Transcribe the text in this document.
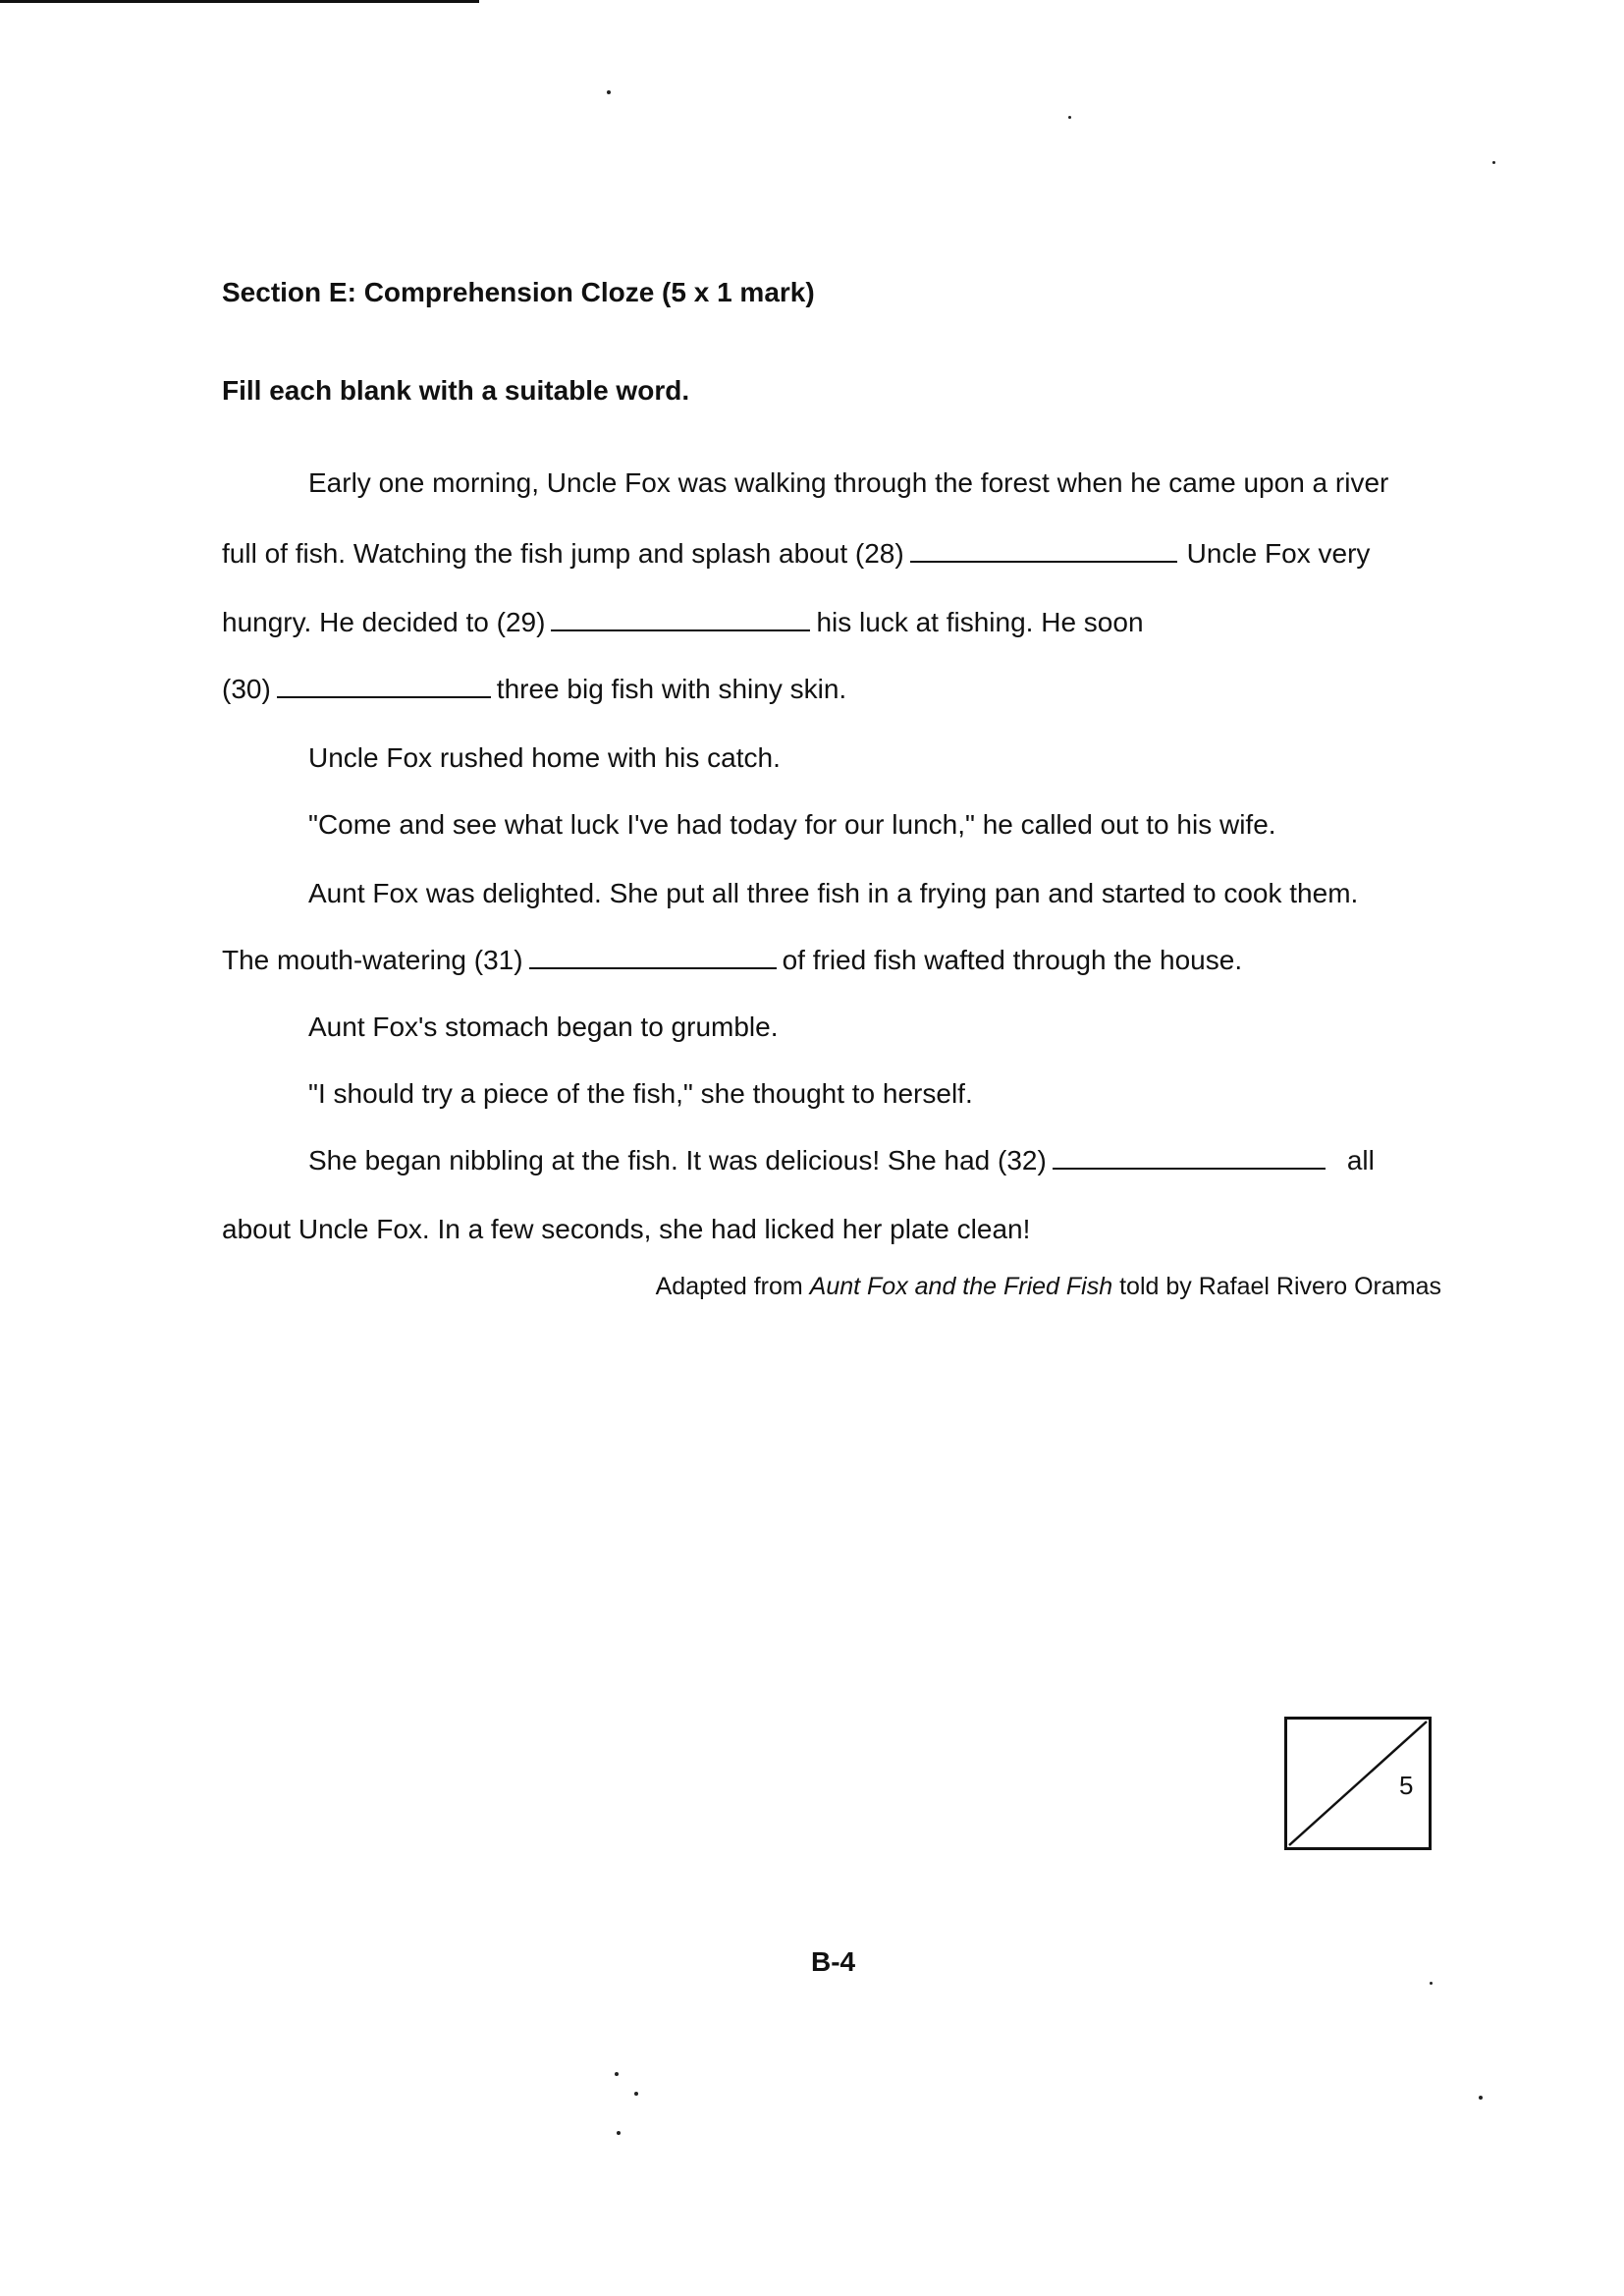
Section E: Comprehension Cloze (5 x 1 mark)
Fill each blank with a suitable word.
Early one morning, Uncle Fox was walking through the forest when he came upon a river
full of fish. Watching the fish jump and splash about (28)	Uncle Fox very
hungry. He decided to (29)	his luck at fishing. He soon
(30)	three big fish with shiny skin.
Uncle Fox rushed home with his catch.
"Come and see what luck I've had today for our lunch," he called out to his wife.
Aunt Fox was delighted. She put all three fish in a frying pan and started to cook them.
The mouth-watering (31)	of fried fish wafted through the house.
Aunt Fox's stomach began to grumble.
"I should try a piece of the fish," she thought to herself.
She began nibbling at the fish. It was delicious! She had (32)	all
about Uncle Fox. In a few seconds, she had licked her plate clean!
Adapted from Aunt Fox and the Fried Fish told by Rafael Rivero Oramas
5
B-4
